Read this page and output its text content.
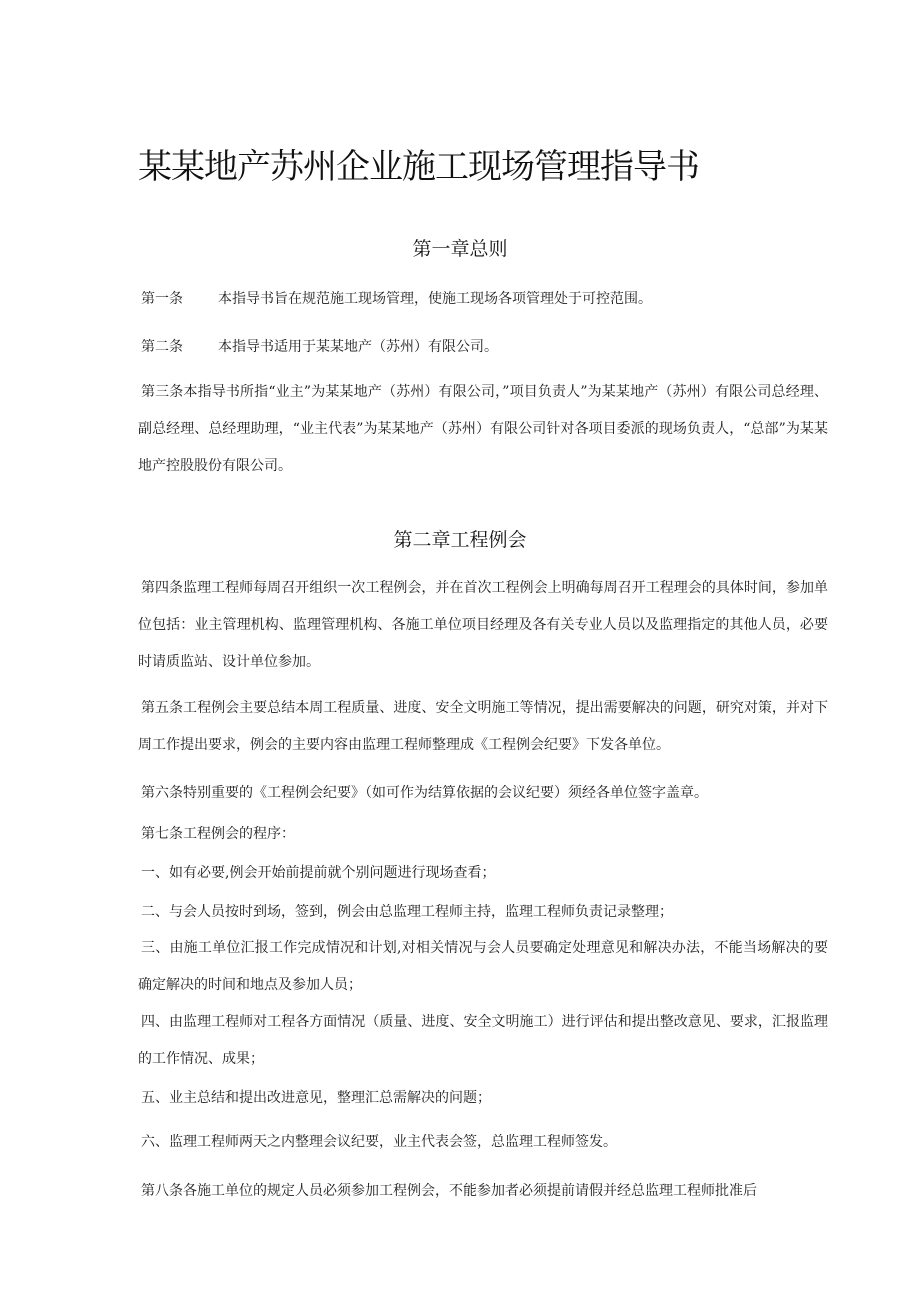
某某地产苏州企业施工现场管理指导书
第一章总则

第一条	本指导书旨在规范施工现场管理，使施工现场各项管理处于可控范围。

第二条	本指导书适用于某某地产（苏州）有限公司。

第三条本指导书所指“业主”为某某地产（苏州）有限公司，”项目负责人”为某某地产（苏州）有限公司总经理、副总经理、总经理助理，“业主代表”为某某地产（苏州）有限公司针对各项目委派的现场负责人，“总部”为某某地产控股股份有限公司。

第二章工程例会

第四条监理工程师每周召开组织一次工程例会，并在首次工程例会上明确每周召开工程理会的具体时间，参加单位包括：业主管理机构、监理管理机构、各施工单位项目经理及各有关专业人员以及监理指定的其他人员，必要时请质监站、设计单位参加。

第五条工程例会主要总结本周工程质量、进度、安全文明施工等情况，提出需要解决的问题，研究对策，并对下周工作提出要求，例会的主要内容由监理工程师整理成《工程例会纪要》下发各单位。

第六条特别重要的《工程例会纪要》（如可作为结算依据的会议纪要）须经各单位签字盖章。

第七条工程例会的程序：

一、如有必要,例会开始前提前就个别问题进行现场查看；

二、与会人员按时到场，签到，例会由总监理工程师主持，监理工程师负责记录整理；

三、由施工单位汇报工作完成情况和计划,对相关情况与会人员要确定处理意见和解决办法，不能当场解决的要确定解决的时间和地点及参加人员；

四、由监理工程师对工程各方面情况（质量、进度、安全文明施工）进行评估和提出整改意见、要求，汇报监理的工作情况、成果；

五、业主总结和提出改进意见，整理汇总需解决的问题；

六、监理工程师两天之内整理会议纪要，业主代表会签，总监理工程师签发。

第八条各施工单位的规定人员必须参加工程例会，不能参加者必须提前请假并经总监理工程师批准后
